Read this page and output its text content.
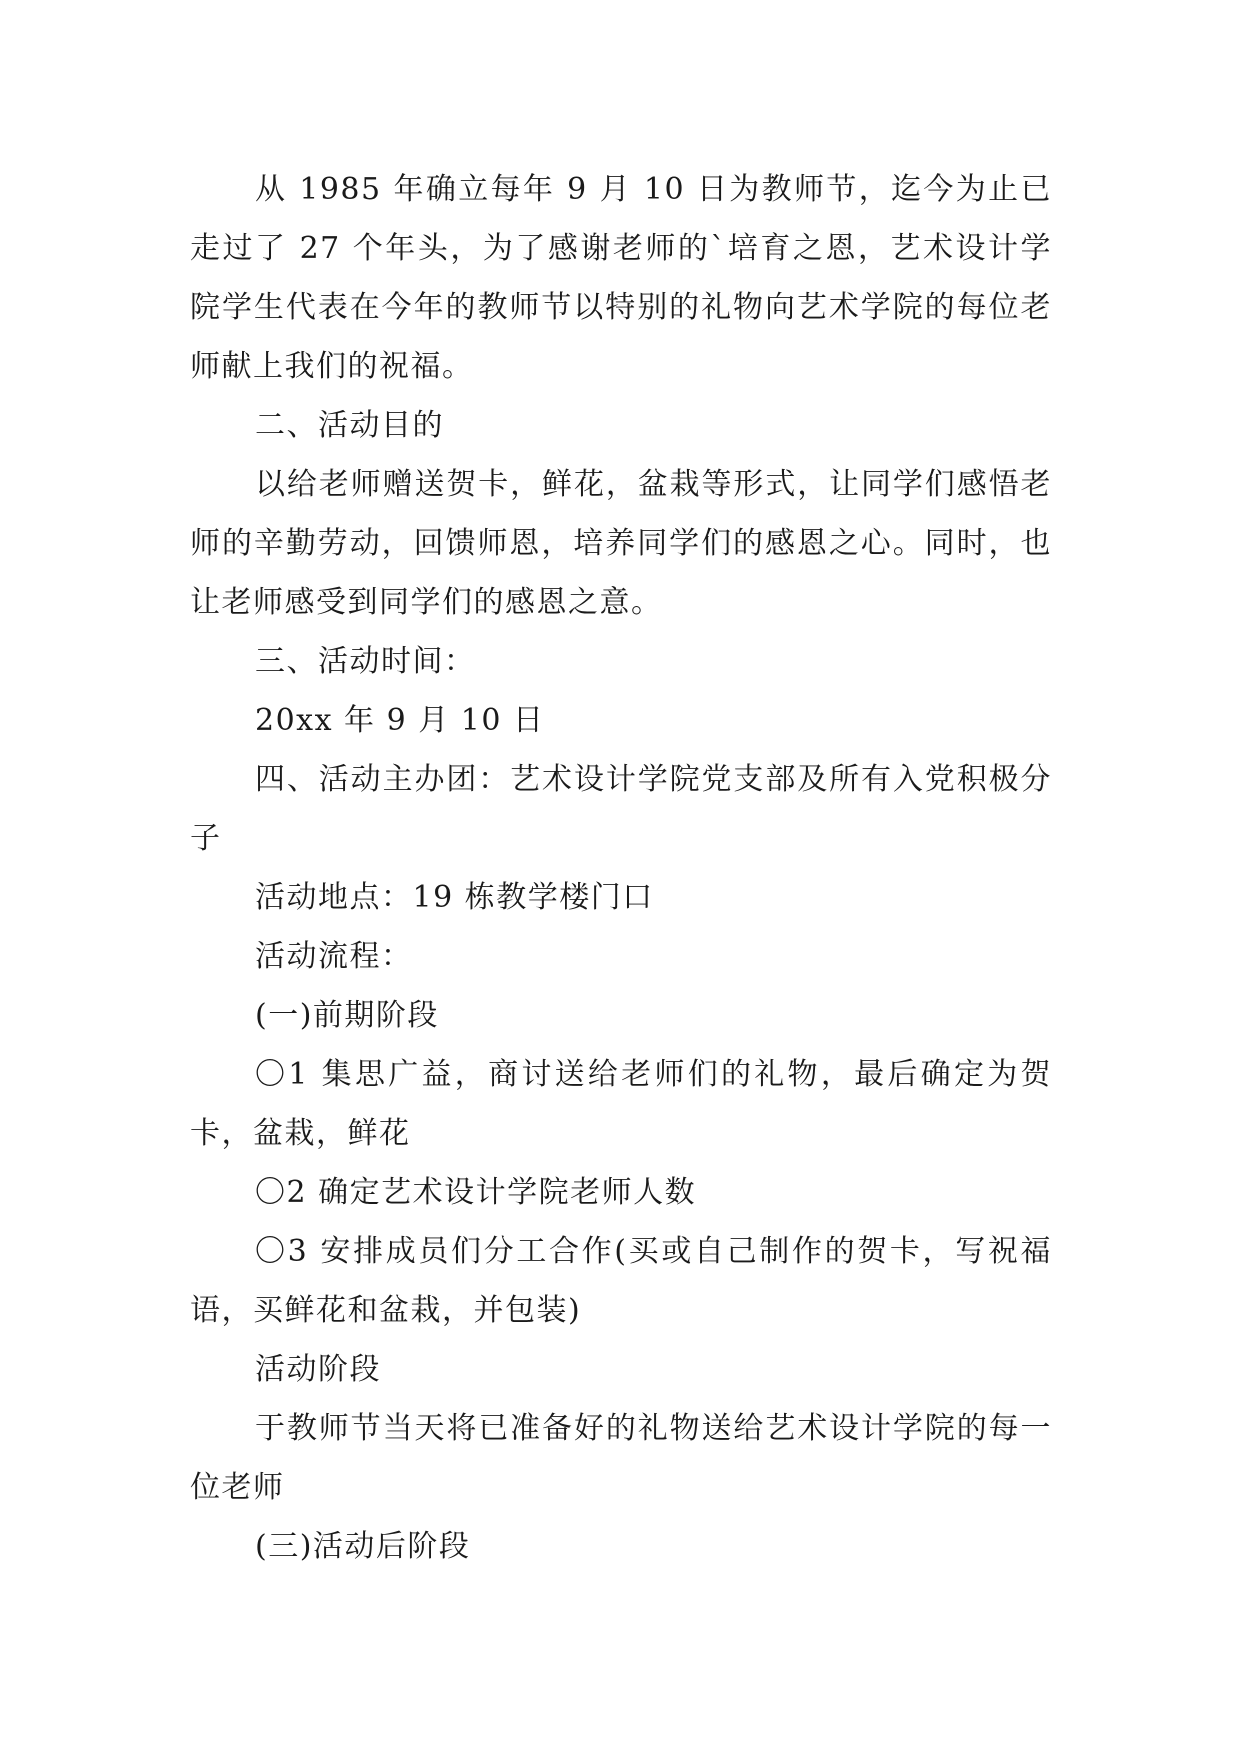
从 1985 年确立每年 9 月 10 日为教师节，迄今为止已走过了 27 个年头，为了感谢老师的`培育之恩，艺术设计学院学生代表在今年的教师节以特别的礼物向艺术学院的每位老师献上我们的祝福。

二、活动目的

以给老师赠送贺卡，鲜花，盆栽等形式，让同学们感悟老师的辛勤劳动，回馈师恩，培养同学们的感恩之心。同时，也让老师感受到同学们的感恩之意。

三、活动时间：

20xx 年 9 月 10 日

四、活动主办团：艺术设计学院党支部及所有入党积极分子

活动地点：19 栋教学楼门口

活动流程：

(一)前期阶段

〇1 集思广益，商讨送给老师们的礼物，最后确定为贺卡，盆栽，鲜花

〇2 确定艺术设计学院老师人数

〇3 安排成员们分工合作(买或自己制作的贺卡，写祝福语，买鲜花和盆栽，并包装)

活动阶段

于教师节当天将已准备好的礼物送给艺术设计学院的每一位老师

(三)活动后阶段
